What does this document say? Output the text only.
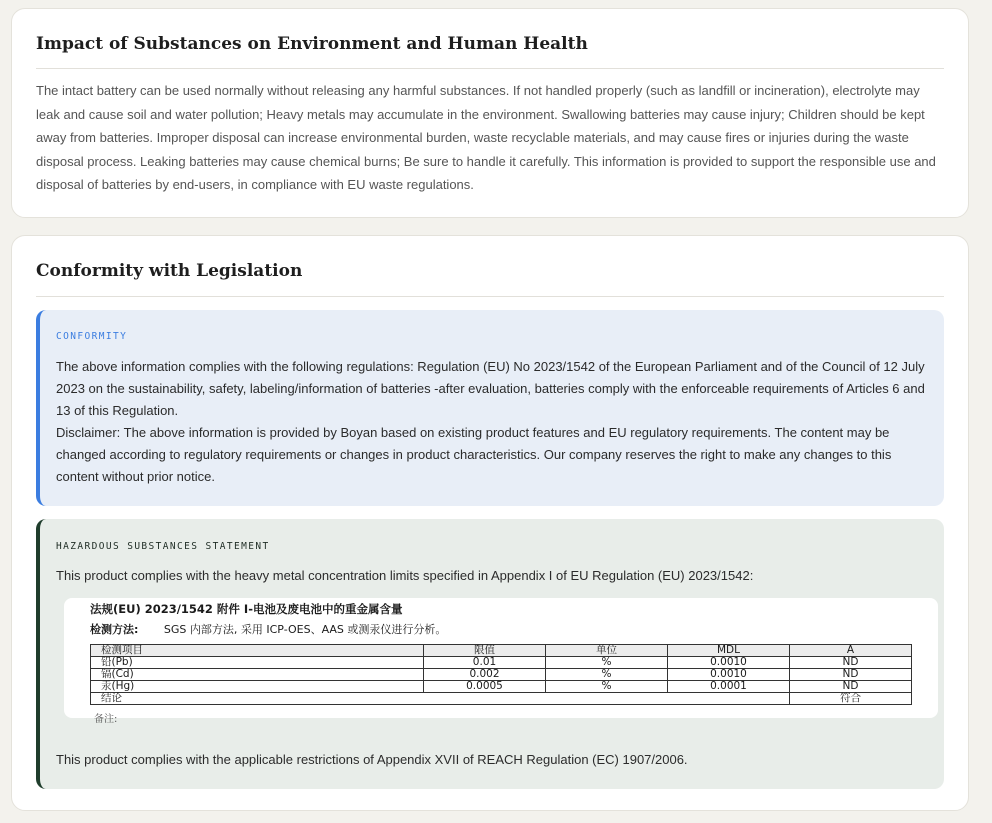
Impact of Substances on Environment and Human Health
The intact battery can be used normally without releasing any harmful substances. If not handled properly (such as landfill or incineration), electrolyte may leak and cause soil and water pollution; Heavy metals may accumulate in the environment. Swallowing batteries may cause injury; Children should be kept away from batteries. Improper disposal can increase environmental burden, waste recyclable materials, and may cause fires or injuries during the waste disposal process. Leaking batteries may cause chemical burns; Be sure to handle it carefully. This information is provided to support the responsible use and disposal of batteries by end-users, in compliance with EU waste regulations.
Conformity with Legislation
CONFORMITY
The above information complies with the following regulations: Regulation (EU) No 2023/1542 of the European Parliament and of the Council of 12 July 2023 on the sustainability, safety, labeling/information of batteries -after evaluation, batteries comply with the enforceable requirements of Articles 6 and 13 of this Regulation.
Disclaimer: The above information is provided by Boyan based on existing product features and EU regulatory requirements. The content may be changed according to regulatory requirements or changes in product characteristics. Our company reserves the right to make any changes to this content without prior notice.
HAZARDOUS SUBSTANCES STATEMENT
This product complies with the heavy metal concentration limits specified in Appendix I of EU Regulation (EU) 2023/1542:
法规(EU) 2023/1542 附件 I-电池及废电池中的重金属含量
检测方法: SGS 内部方法, 采用 ICP-OES、AAS 或测汞仪进行分析。
检测项目	限值	单位	MDL	A
铅(Pb)	0.01	%	0.0010	ND
镉(Cd)	0.002	%	0.0010	ND
汞(Hg)	0.0005	%	0.0001	ND
结论				符合
备注:
This product complies with the applicable restrictions of Appendix XVII of REACH Regulation (EC) 1907/2006.
